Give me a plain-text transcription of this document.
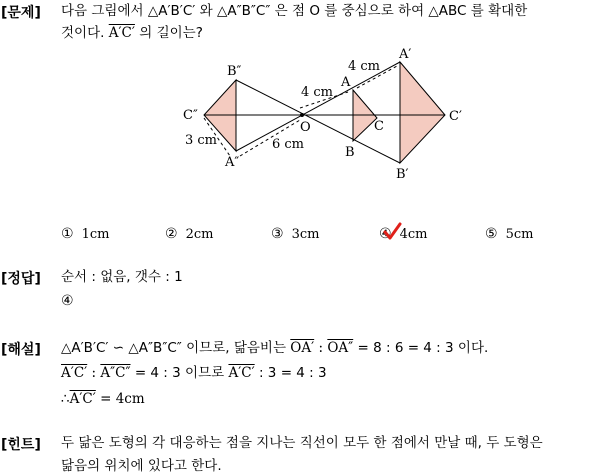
[문제] 다음 그림에서 △A′B′C′ 와 △A″B″C″ 은 점 O 를 중심으로 하여 △ABC 를 확대한
것이다. A′C′ 의 길이는?
B″
C″
A″
O
A
B
C
A′
B′
C′
4 cm
4 cm
3 cm	6 cm
① 1cm	② 2cm	③ 3cm	④ 4cm	⑤ 5cm
[정답] 순서 : 없음, 갯수 : 1
④
[해설] △A′B′C′ ∽ △A″B″C″ 이므로, 닮음비는 OA′ : OA″ = 8 : 6 = 4 : 3 이다.
A′C′ : A″C″ = 4 : 3 이므로 A′C′ : 3 = 4 : 3
∴A′C′ = 4cm
[힌트] 두 닮은 도형의 각 대응하는 점을 지나는 직선이 모두 한 점에서 만날 때, 두 도형은
닮음의 위치에 있다고 한다.
